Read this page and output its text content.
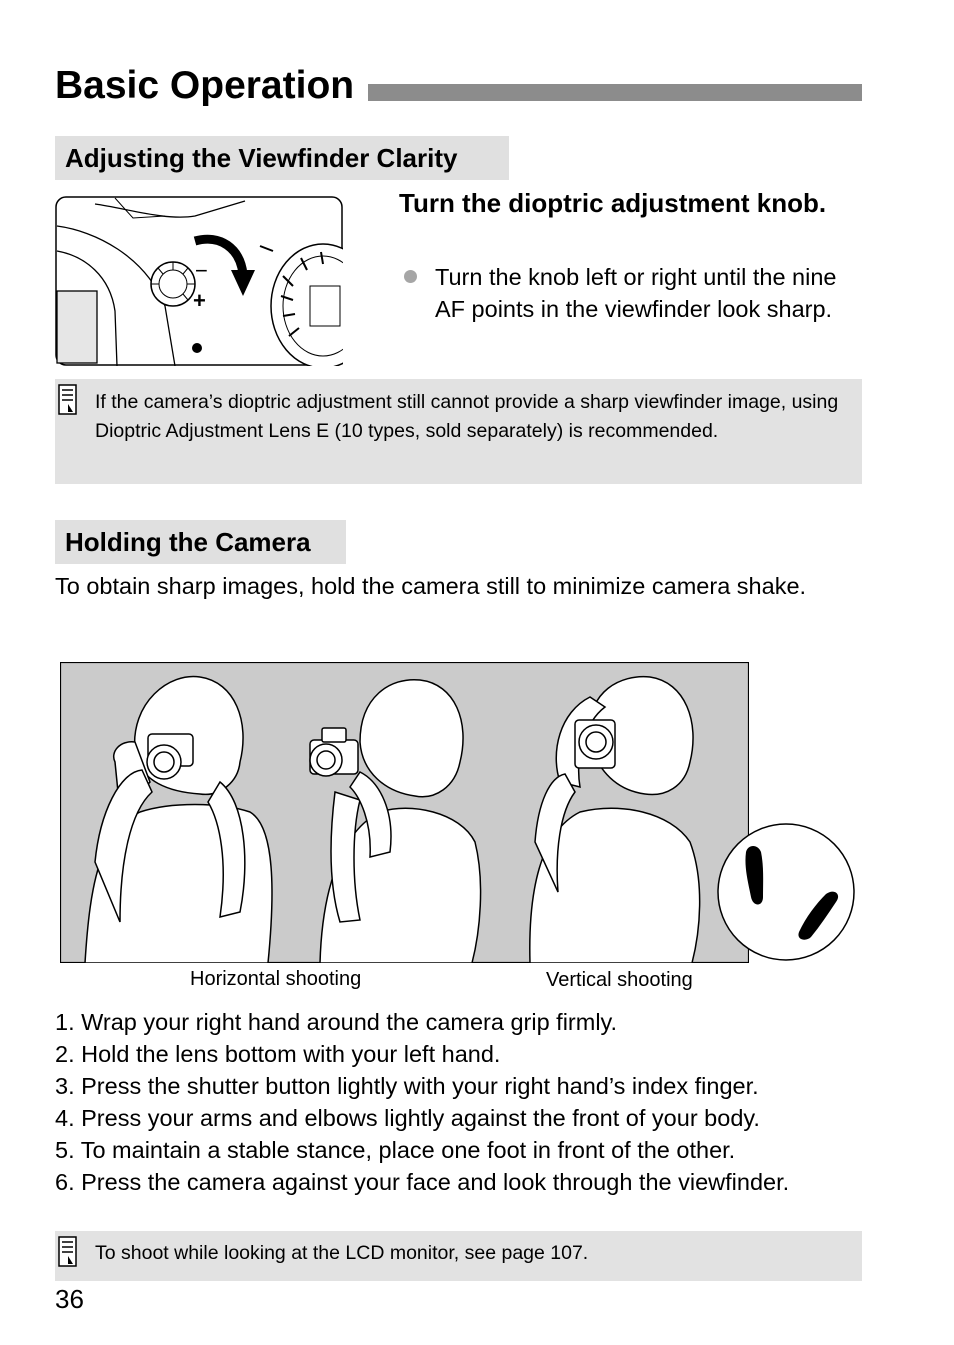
Basic Operation
Adjusting the Viewfinder Clarity
−
+
Turn the dioptric adjustment knob.
Turn the knob left or right until the nine AF points in the viewfinder look sharp.
If the camera’s dioptric adjustment still cannot provide a sharp viewfinder image, using Dioptric Adjustment Lens E (10 types, sold separately) is recommended.
Holding the Camera
To obtain sharp images, hold the camera still to minimize camera shake.
Horizontal shooting	Vertical shooting
1. Wrap your right hand around the camera grip firmly.
2. Hold the lens bottom with your left hand.
3. Press the shutter button lightly with your right hand’s index finger.
4. Press your arms and elbows lightly against the front of your body.
5. To maintain a stable stance, place one foot in front of the other.
6. Press the camera against your face and look through the viewfinder.
To shoot while looking at the LCD monitor, see page 107.
36
